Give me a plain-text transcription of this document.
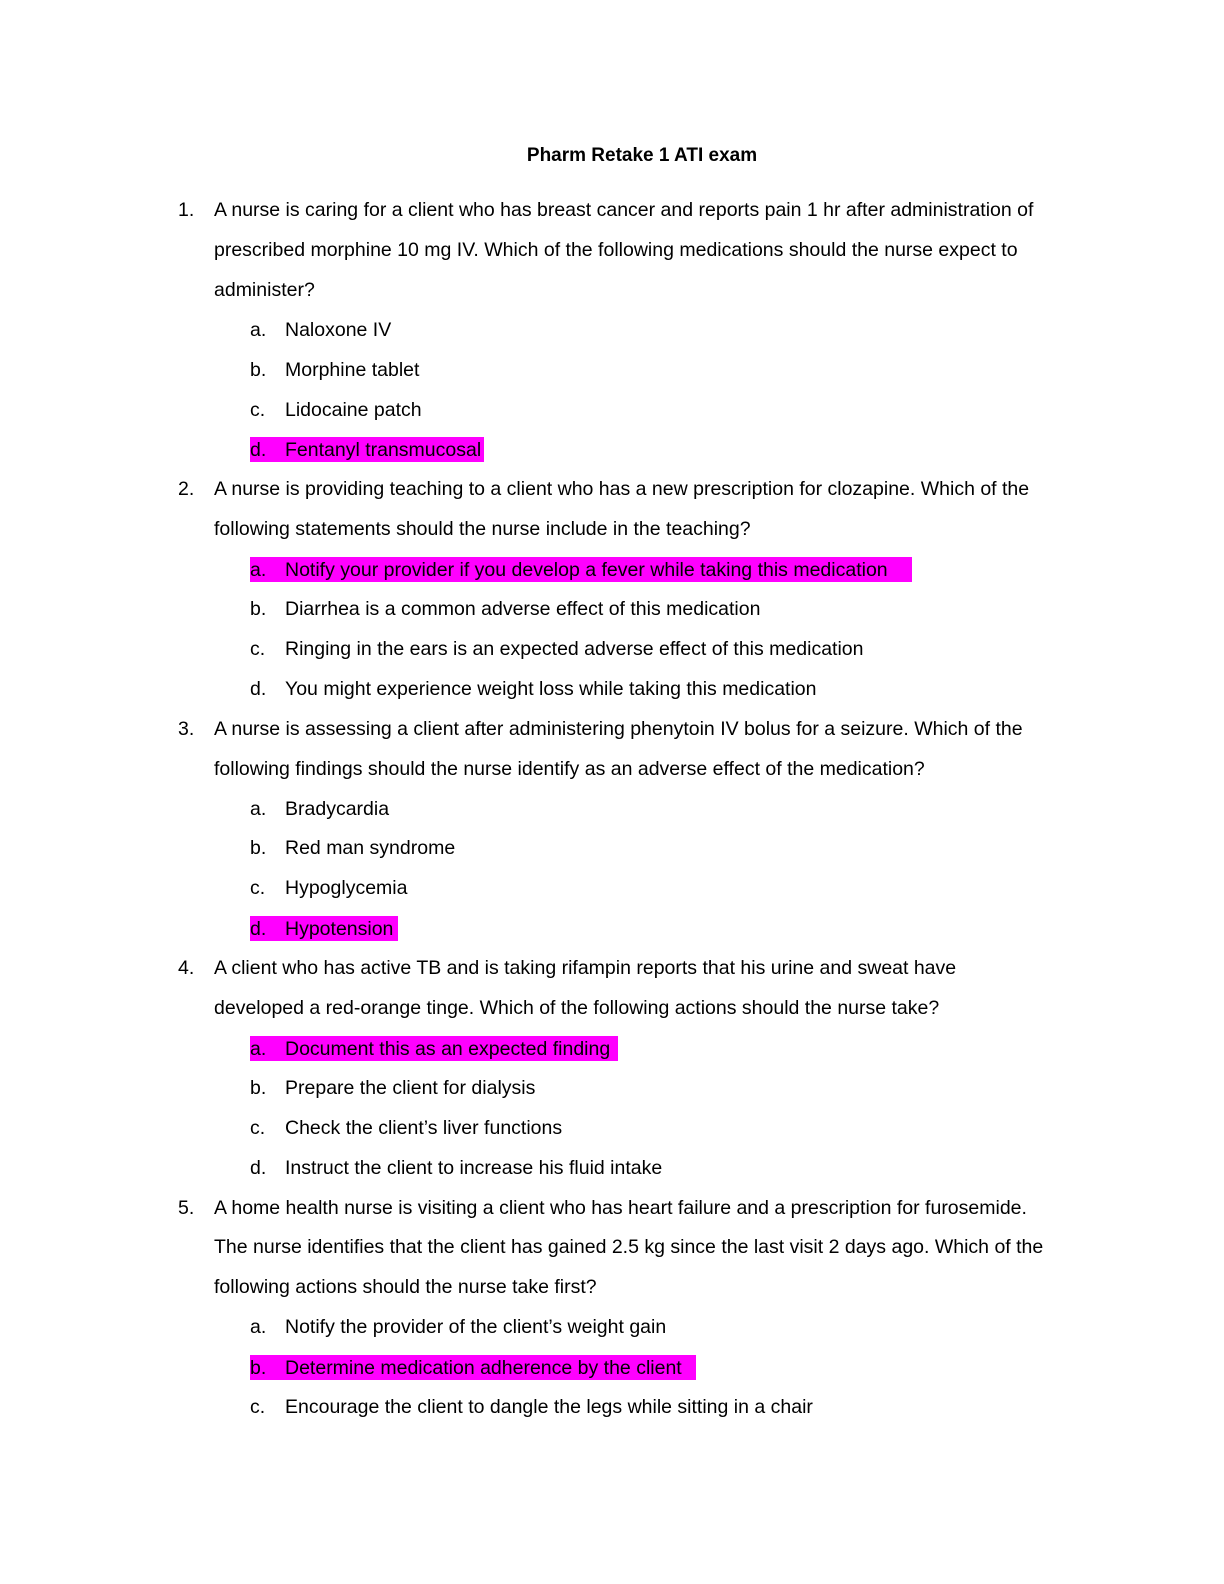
Pharm Retake 1 ATI exam
1.	A nurse is caring for a client who has breast cancer and reports pain 1 hr after administration of
prescribed morphine 10 mg IV. Which of the following medications should the nurse expect to
administer?
a. Naloxone IV
b. Morphine tablet
c. Lidocaine patch
d. Fentanyl transmucosal
2.	A nurse is providing teaching to a client who has a new prescription for clozapine. Which of the
following statements should the nurse include in the teaching?
a. Notify your provider if you develop a fever while taking this medication
b. Diarrhea is a common adverse effect of this medication
c. Ringing in the ears is an expected adverse effect of this medication
d. You might experience weight loss while taking this medication
3.	A nurse is assessing a client after administering phenytoin IV bolus for a seizure. Which of the
following findings should the nurse identify as an adverse effect of the medication?
a. Bradycardia
b. Red man syndrome
c. Hypoglycemia
d. Hypotension
4.	A client who has active TB and is taking rifampin reports that his urine and sweat have
developed a red-orange tinge. Which of the following actions should the nurse take?
a. Document this as an expected finding
b. Prepare the client for dialysis
c. Check the client’s liver functions
d. Instruct the client to increase his fluid intake
5.	A home health nurse is visiting a client who has heart failure and a prescription for furosemide.
The nurse identifies that the client has gained 2.5 kg since the last visit 2 days ago. Which of the
following actions should the nurse take first?
a. Notify the provider of the client’s weight gain
b. Determine medication adherence by the client
c. Encourage the client to dangle the legs while sitting in a chair
